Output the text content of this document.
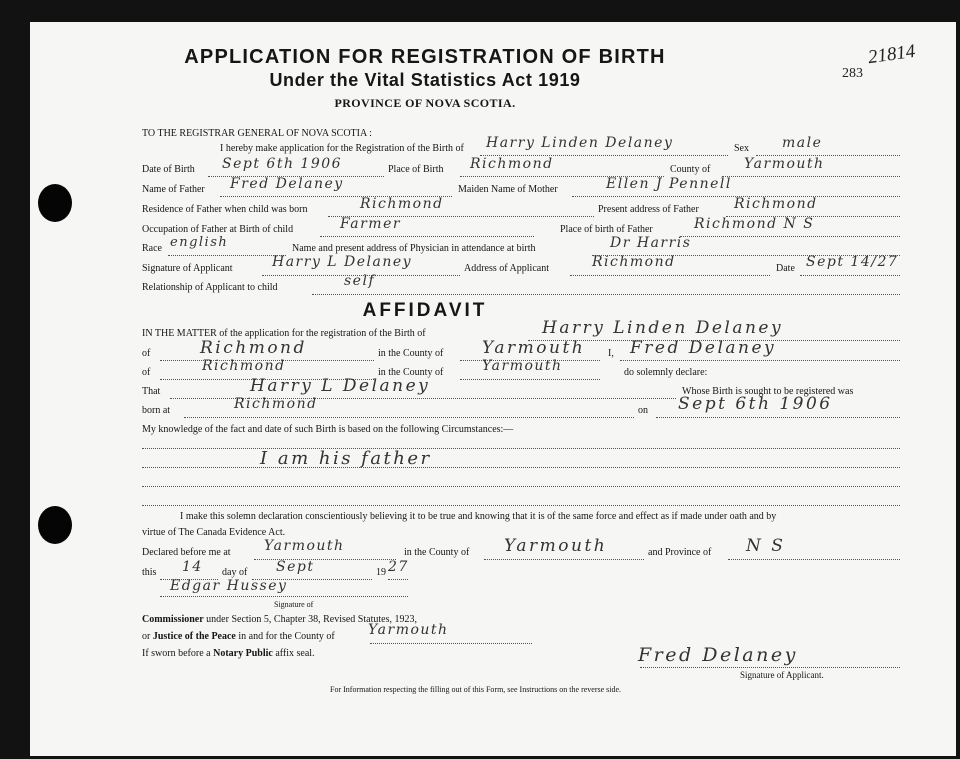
APPLICATION FOR REGISTRATION OF BIRTH
Under the Vital Statistics Act 1919
PROVINCE OF NOVA SCOTIA.
21814
283
TO THE REGISTRAR GENERAL OF NOVA SCOTIA :
I hereby make application for the Registration of the Birth of Harry Linden Delaney	Sex male
Date of Birth Sept 6th 1906	Place of Birth Richmond	County of Yarmouth
Name of Father Fred Delaney	Maiden Name of Mother	Ellen J Pennell
Residence of Father when child was born	Richmond	Present address of Father	Richmond
Occupation of Father at Birth of child	Farmer	Place of birth of Father	Richmond N S
Race english	Name and present address of Physician in attendance at birth	Dr Harris
Signature of Applicant	Harry L Delaney	Address of Applicant	Richmond	Date Sept 14/27
Relationship of Applicant to child	self
AFFIDAVIT
IN THE MATTER of the application for the registration of the Birth of	Harry Linden Delaney
of	Richmond	in the County of Yarmouth I, Fred Delaney
of	Richmond	in the County of	Yarmouth	do solemnly declare:
That	Harry L Delaney	Whose Birth is sought to be registered was
born at	Richmond	on Sept 6th 1906
My knowledge of the fact and date of such Birth is based on the following Circumstances:—
I am his father
I make this solemn declaration conscientiously believing it to be true and knowing that it is of the same force and effect as if made under oath and by
virtue of The Canada Evidence Act.
Declared before me at Yarmouth	in the County of Yarmouth	and Province of N S
this 14 day of Sept	19 27
Edgar Hussey
Signature of
Commissioner under Section 5, Chapter 38, Revised Statutes, 1923,
or Justice of the Peace in and for the County of Yarmouth
If sworn before a Notary Public affix seal.	Fred Delaney
Signature of Applicant.
For Information respecting the filling out of this Form, see Instructions on the reverse side.
